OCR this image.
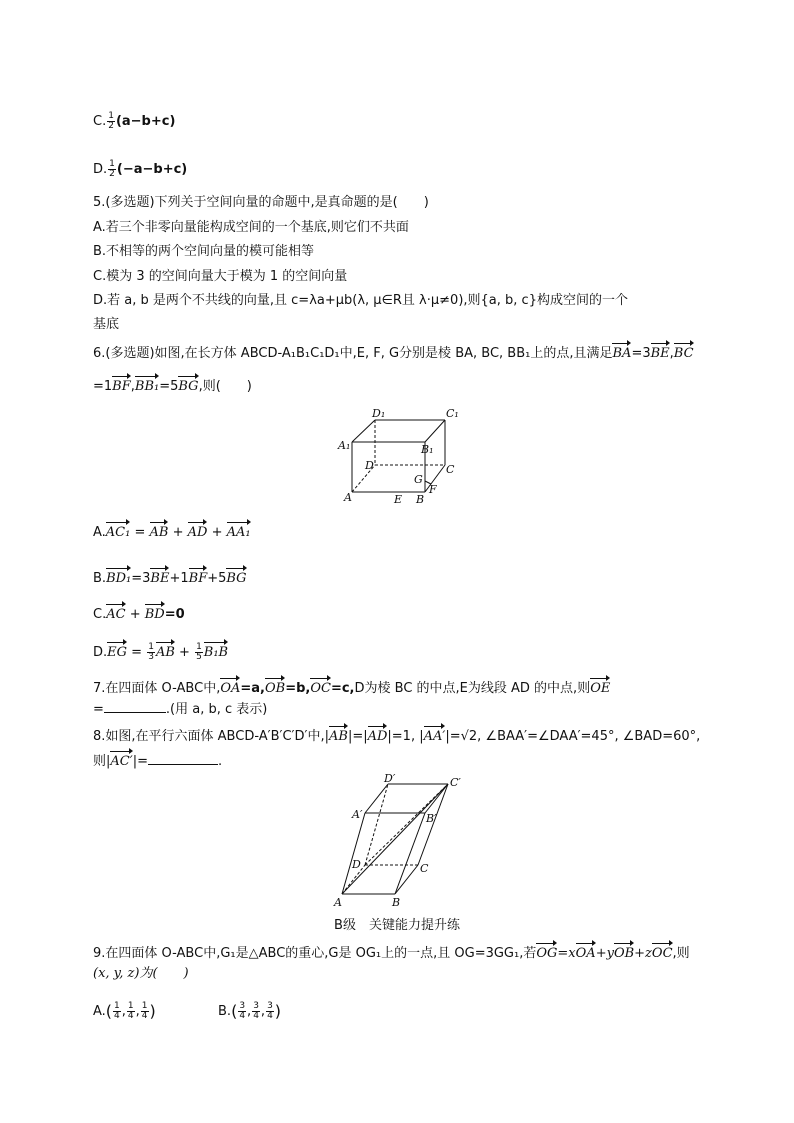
C. $\frac{1}{2} (a-b+c)$
D. $\frac{1}{2} (-a-b+c)$
5.(多选题)下列关于空间向量的命题中,是真命题的是(　　)
A.若三个非零向量能构成空间的一个基底,则它们不共面
B.不相等的两个空间向量的模可能相等
C.模为 3 的空间向量大于模为 1 的空间向量
D.若 a, b 是两个不共线的向量,且 c=λa+μb(λ, μ∈R且 λ·μ≠0),则{a, b, c}构成空间的一个
基底
6.(多选题)如图,在长方体 ABCD-A₁B₁C₁D₁中,E, F, G分别是棱 BA, BC, BB₁上的点,且满足BA=3BE,BC
=1BF,BB₁=5BG,则(　　)
D₁	C₁
A₁	B₁
D	C
G
F
A	E B
A.AC₁ = AB + AD + AA₁
B.BD₁=3BE+1BF+5BG
C.AC + BD=0
$D.EG = \frac{1}{3}$ AB + $\frac{1}{5} B_1B$
7.在四面体 O-ABC中,OA=a,OB=b,OC=c,D为棱 BC 的中点,E为线段 AD 的中点,则OE
=	.(用 a, b, c 表示)
8.如图,在平行六面体 ABCD-A′B′C′D′中,|AB|=|AD|=1, |AA′|=√2, ∠BAA′=∠DAA′=45°, ∠BAD=60°,
则|AC′|=	.
D′	C′
A′	B′
D	C
A	B
B级　关键能力提升练
9.在四面体 O-ABC中,G₁是△ABC的重心,G是 OG₁上的一点,且 OG=3GG₁,若OG=xOA+yOB+zOC,则
(x, y, z)为(　　)
$A.( \frac{1}{4}$ , $\frac{1}{4}$ , $\frac{1}{4}$ )	$B.( \frac{3}{4}$ , $\frac{3}{4}$ , $\frac{3}{4}$ )
